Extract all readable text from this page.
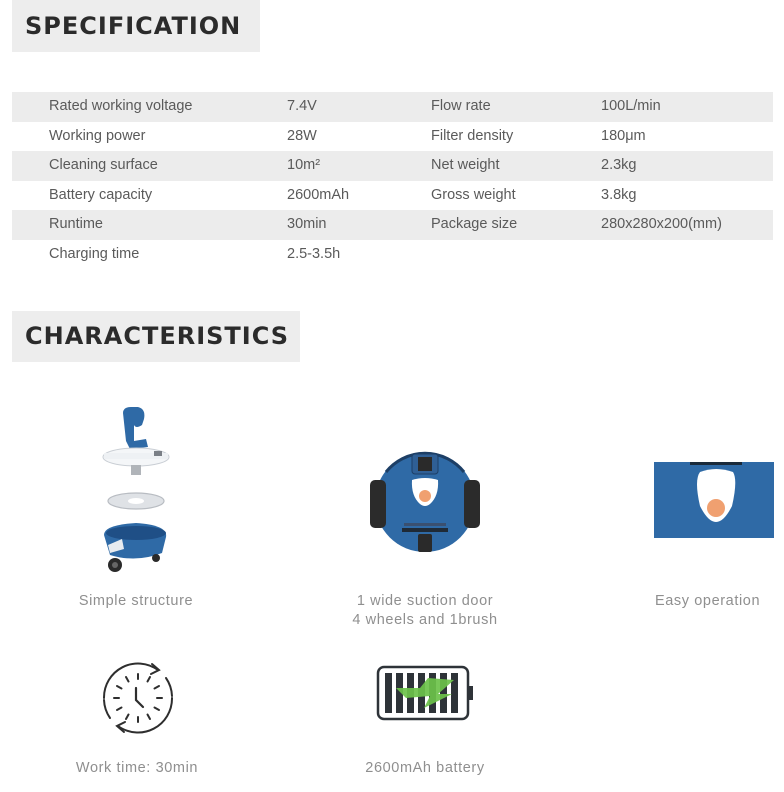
SPECIFICATION
Rated working voltage	7.4V	Flow rate	100L/min
Working power	28W	Filter density	180μm
Cleaning surface	10m²	Net weight	2.3kg
Battery capacity	2600mAh	Gross weight	3.8kg
Runtime	30min	Package size	280x280x200(mm)
Charging time	2.5-3.5h
CHARACTERISTICS
Simple structure	1 wide suction door
4 wheels and 1brush
Easy operation
Work time: 30min	2600mAh battery
